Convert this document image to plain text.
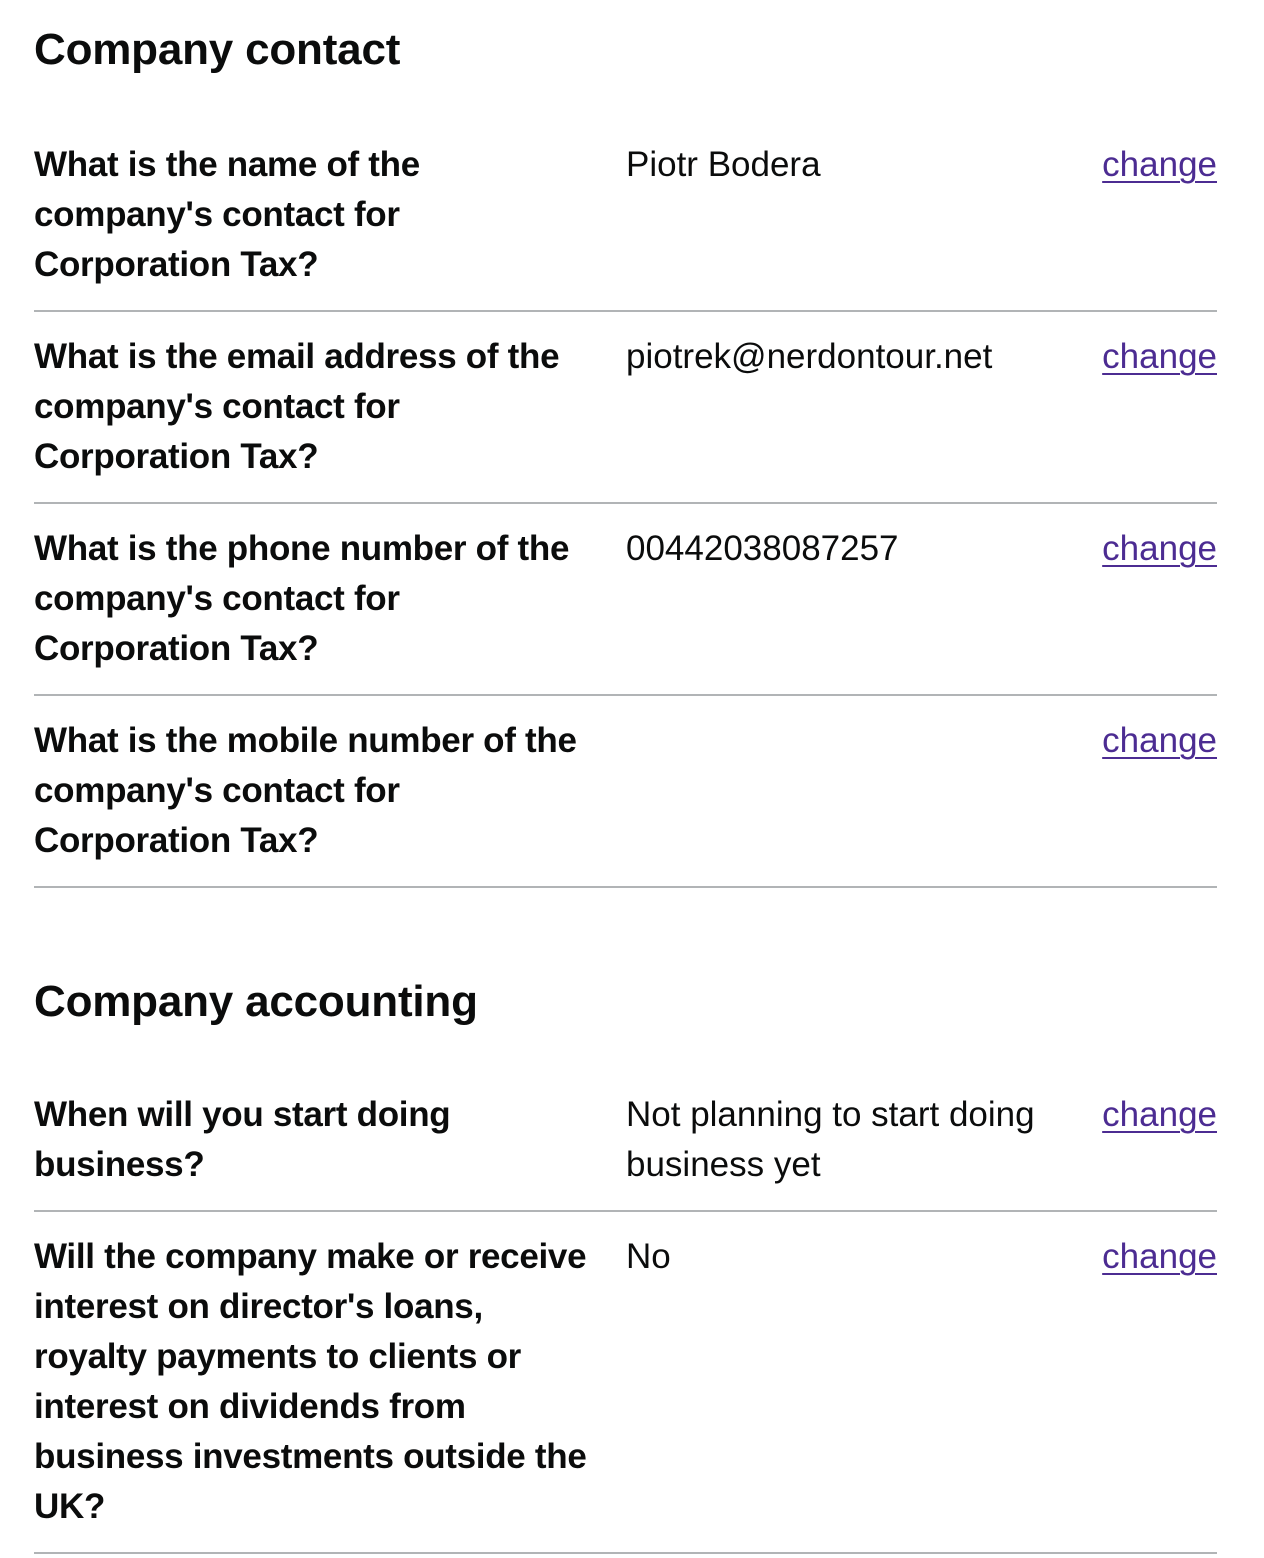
Company contact
What is the name of the company's contact for Corporation Tax?
Piotr Bodera	change
What is the email address of the company's contact for Corporation Tax?
piotrek@nerdontour.net	change
What is the phone number of the company's contact for Corporation Tax?
00442038087257	change
What is the mobile number of the company's contact for Corporation Tax?
change
Company accounting
When will you start doing business?
Not planning to start doing business yet
change
Will the company make or receive interest on director's loans, royalty payments to clients or interest on dividends from business investments outside the UK?
No	change
